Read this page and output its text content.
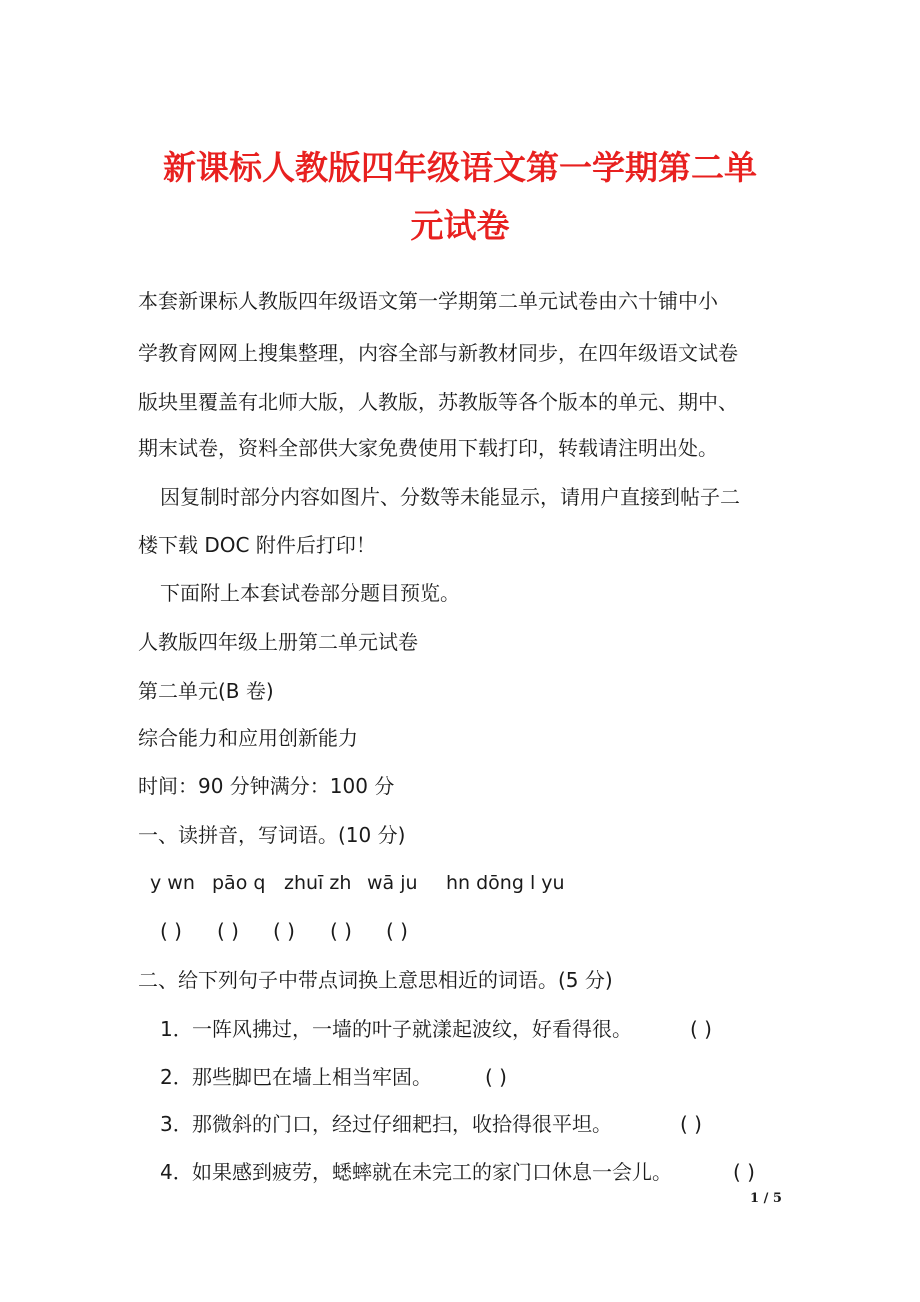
新课标人教版四年级语文第一学期第二单
元试卷

本套新课标人教版四年级语文第一学期第二单元试卷由六十铺中小

学教育网网上搜集整理，内容全部与新教材同步，在四年级语文试卷

版块里覆盖有北师大版，人教版，苏教版等各个版本的单元、期中、

期末试卷，资料全部供大家免费使用下载打印，转载请注明出处。

因复制时部分内容如图片、分数等未能显示，请用户直接到帖子二

楼下载 DOC 附件后打印！

下面附上本套试卷部分题目预览。

人教版四年级上册第二单元试卷

第二单元(B 卷)

综合能力和应用创新能力

时间：90 分钟满分：100 分

一、读拼音，写词语。(10 分)

y wn pāo q zhuī zh wā ju hn dōng l yu
( ) ( ) ( ) ( ) ( )

二、给下列句子中带点词换上意思相近的词语。(5 分)

1． 一阵风拂过，一墙的叶子就漾起波纹，好看得很。	( )
2． 那些脚巴在墙上相当牢固。	( )
3． 那微斜的门口，经过仔细耙扫，收拾得很平坦。	( )
4． 如果感到疲劳，蟋蟀就在未完工的家门口休息一会儿。	( )
1 / 5
